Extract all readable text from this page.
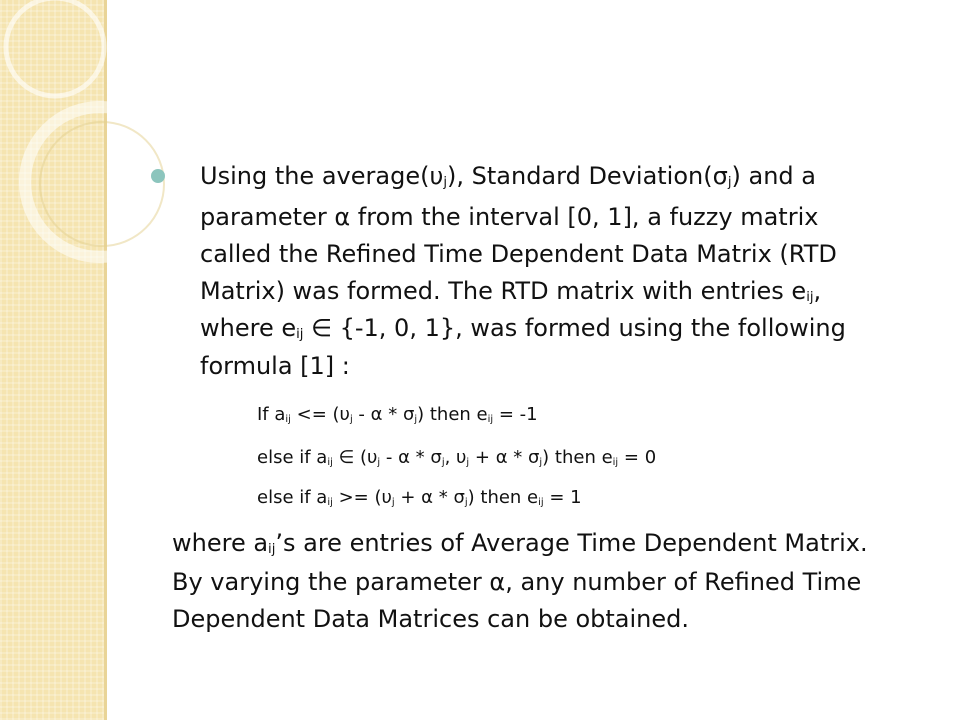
Using the $average(\upsilon_j)$, Standard $Deviation(\sigma_j)$ and a
parameter α from the interval [0, 1], a fuzzy matrix
called the Refined Time Dependent Data Matrix (RTD
Matrix) was formed. The RTD matrix with entries $e_{ij}$,
where $e_{ij}$ ∈ {-1, 0, 1}, was formed using the following
formula [1] :
If $a_{ij} <= (\upsilon_j - \alpha * \sigma_j)$ then $e_{ij} = -1$
else if $a_{ij}$ ∈ ($\upsilon_j$ - α * $\sigma_j$, $\upsilon_j + \alpha * \sigma_j$) then $e_{ij} = 0$
else if $a_{ij} >= (\upsilon_j + \alpha * \sigma_j)$ then $e_{ij} = 1$
where $a_{ij}’s$ are entries of Average Time Dependent Matrix.
By varying the parameter α, any number of Refined Time
Dependent Data Matrices can be obtained.
